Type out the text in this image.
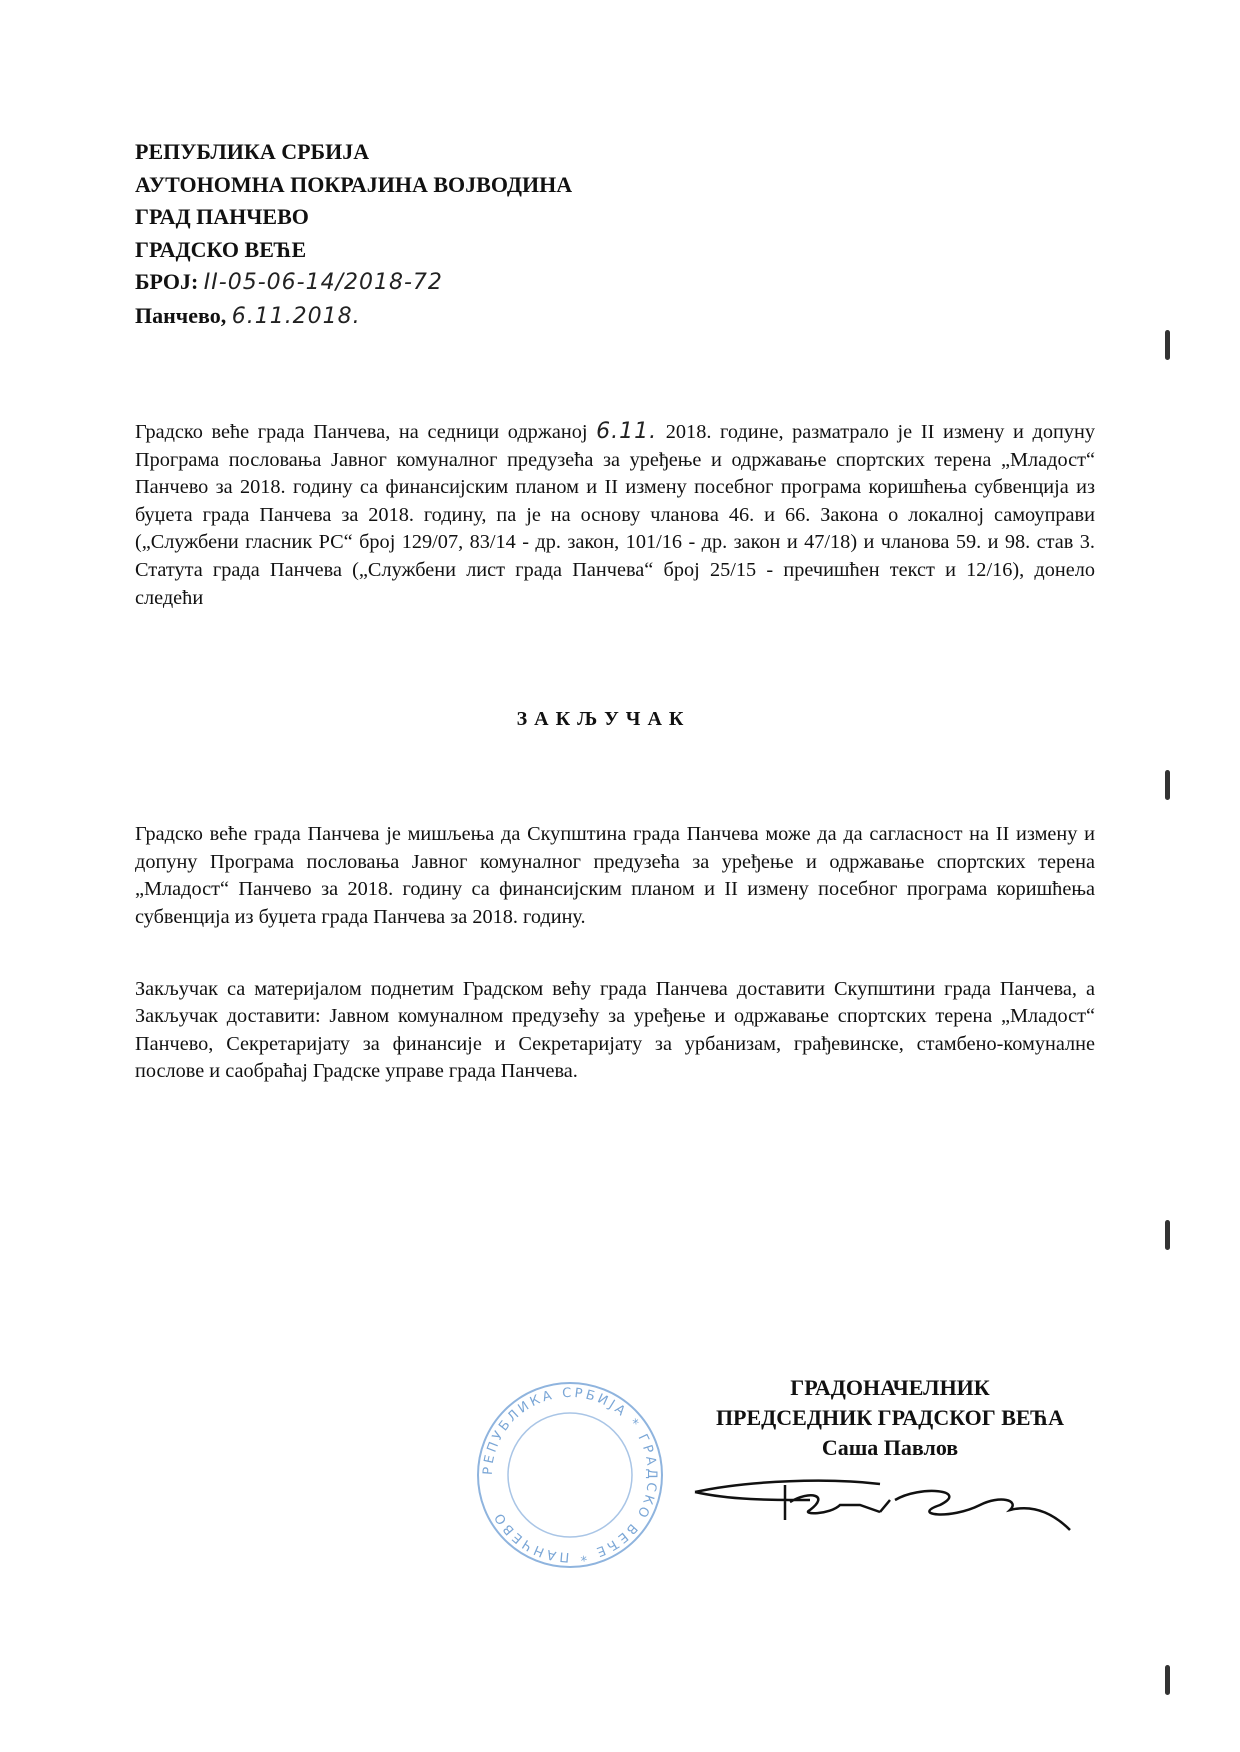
РЕПУБЛИКА СРБИЈА
АУТОНОМНА ПОКРАЈИНА ВОЈВОДИНА
ГРАД ПАНЧЕВО
ГРАДСКО ВЕЋЕ
БРОЈ: II-05-06-14/2018-72
Панчево, 6.11.2018.

Градско веће града Панчева, на седници одржаној 6.11. 2018. године, разматрало је II измену и допуну Програма пословања Јавног комуналног предузећа за уређење и одржавање спортских терена „Младост“ Панчево за 2018. годину са финансијским планом и II измену посебног програма коришћења субвенција из буџета града Панчева за 2018. годину, па је на основу чланова 46. и 66. Закона о локалној самоуправи („Службени гласник РС“ број 129/07, 83/14 - др. закон, 101/16 - др. закон и 47/18) и чланова 59. и 98. став 3. Статута града Панчева („Службени лист града Панчева“ број 25/15 - пречишћен текст и 12/16), донело следећи

ЗАКЉУЧАК

Градско веће града Панчева је мишљења да Скупштина града Панчева може да да сагласност на II измену и допуну Програма пословања Јавног комуналног предузећа за уређење и одржавање спортских терена „Младост“ Панчево за 2018. годину са финансијским планом и II измену посебног програма коришћења субвенција из буџета града Панчева за 2018. годину.

Закључак са материјалом поднетим Градском већу града Панчева доставити Скупштини града Панчева, а Закључак доставити: Јавном комуналном предузећу за уређење и одржавање спортских терена „Младост“ Панчево, Секретаријату за финансије и Секретаријату за урбанизам, грађевинске, стамбено-комуналне послове и саобраћај Градске управе града Панчева.

РЕПУБЛИКА СРБИЈА * ГРАДСКО ВЕЋЕ * ПАНЧЕВО
ГРАДОНАЧЕЛНИК
ПРЕДСЕДНИК ГРАДСКОГ ВЕЋА
Саша Павлов
